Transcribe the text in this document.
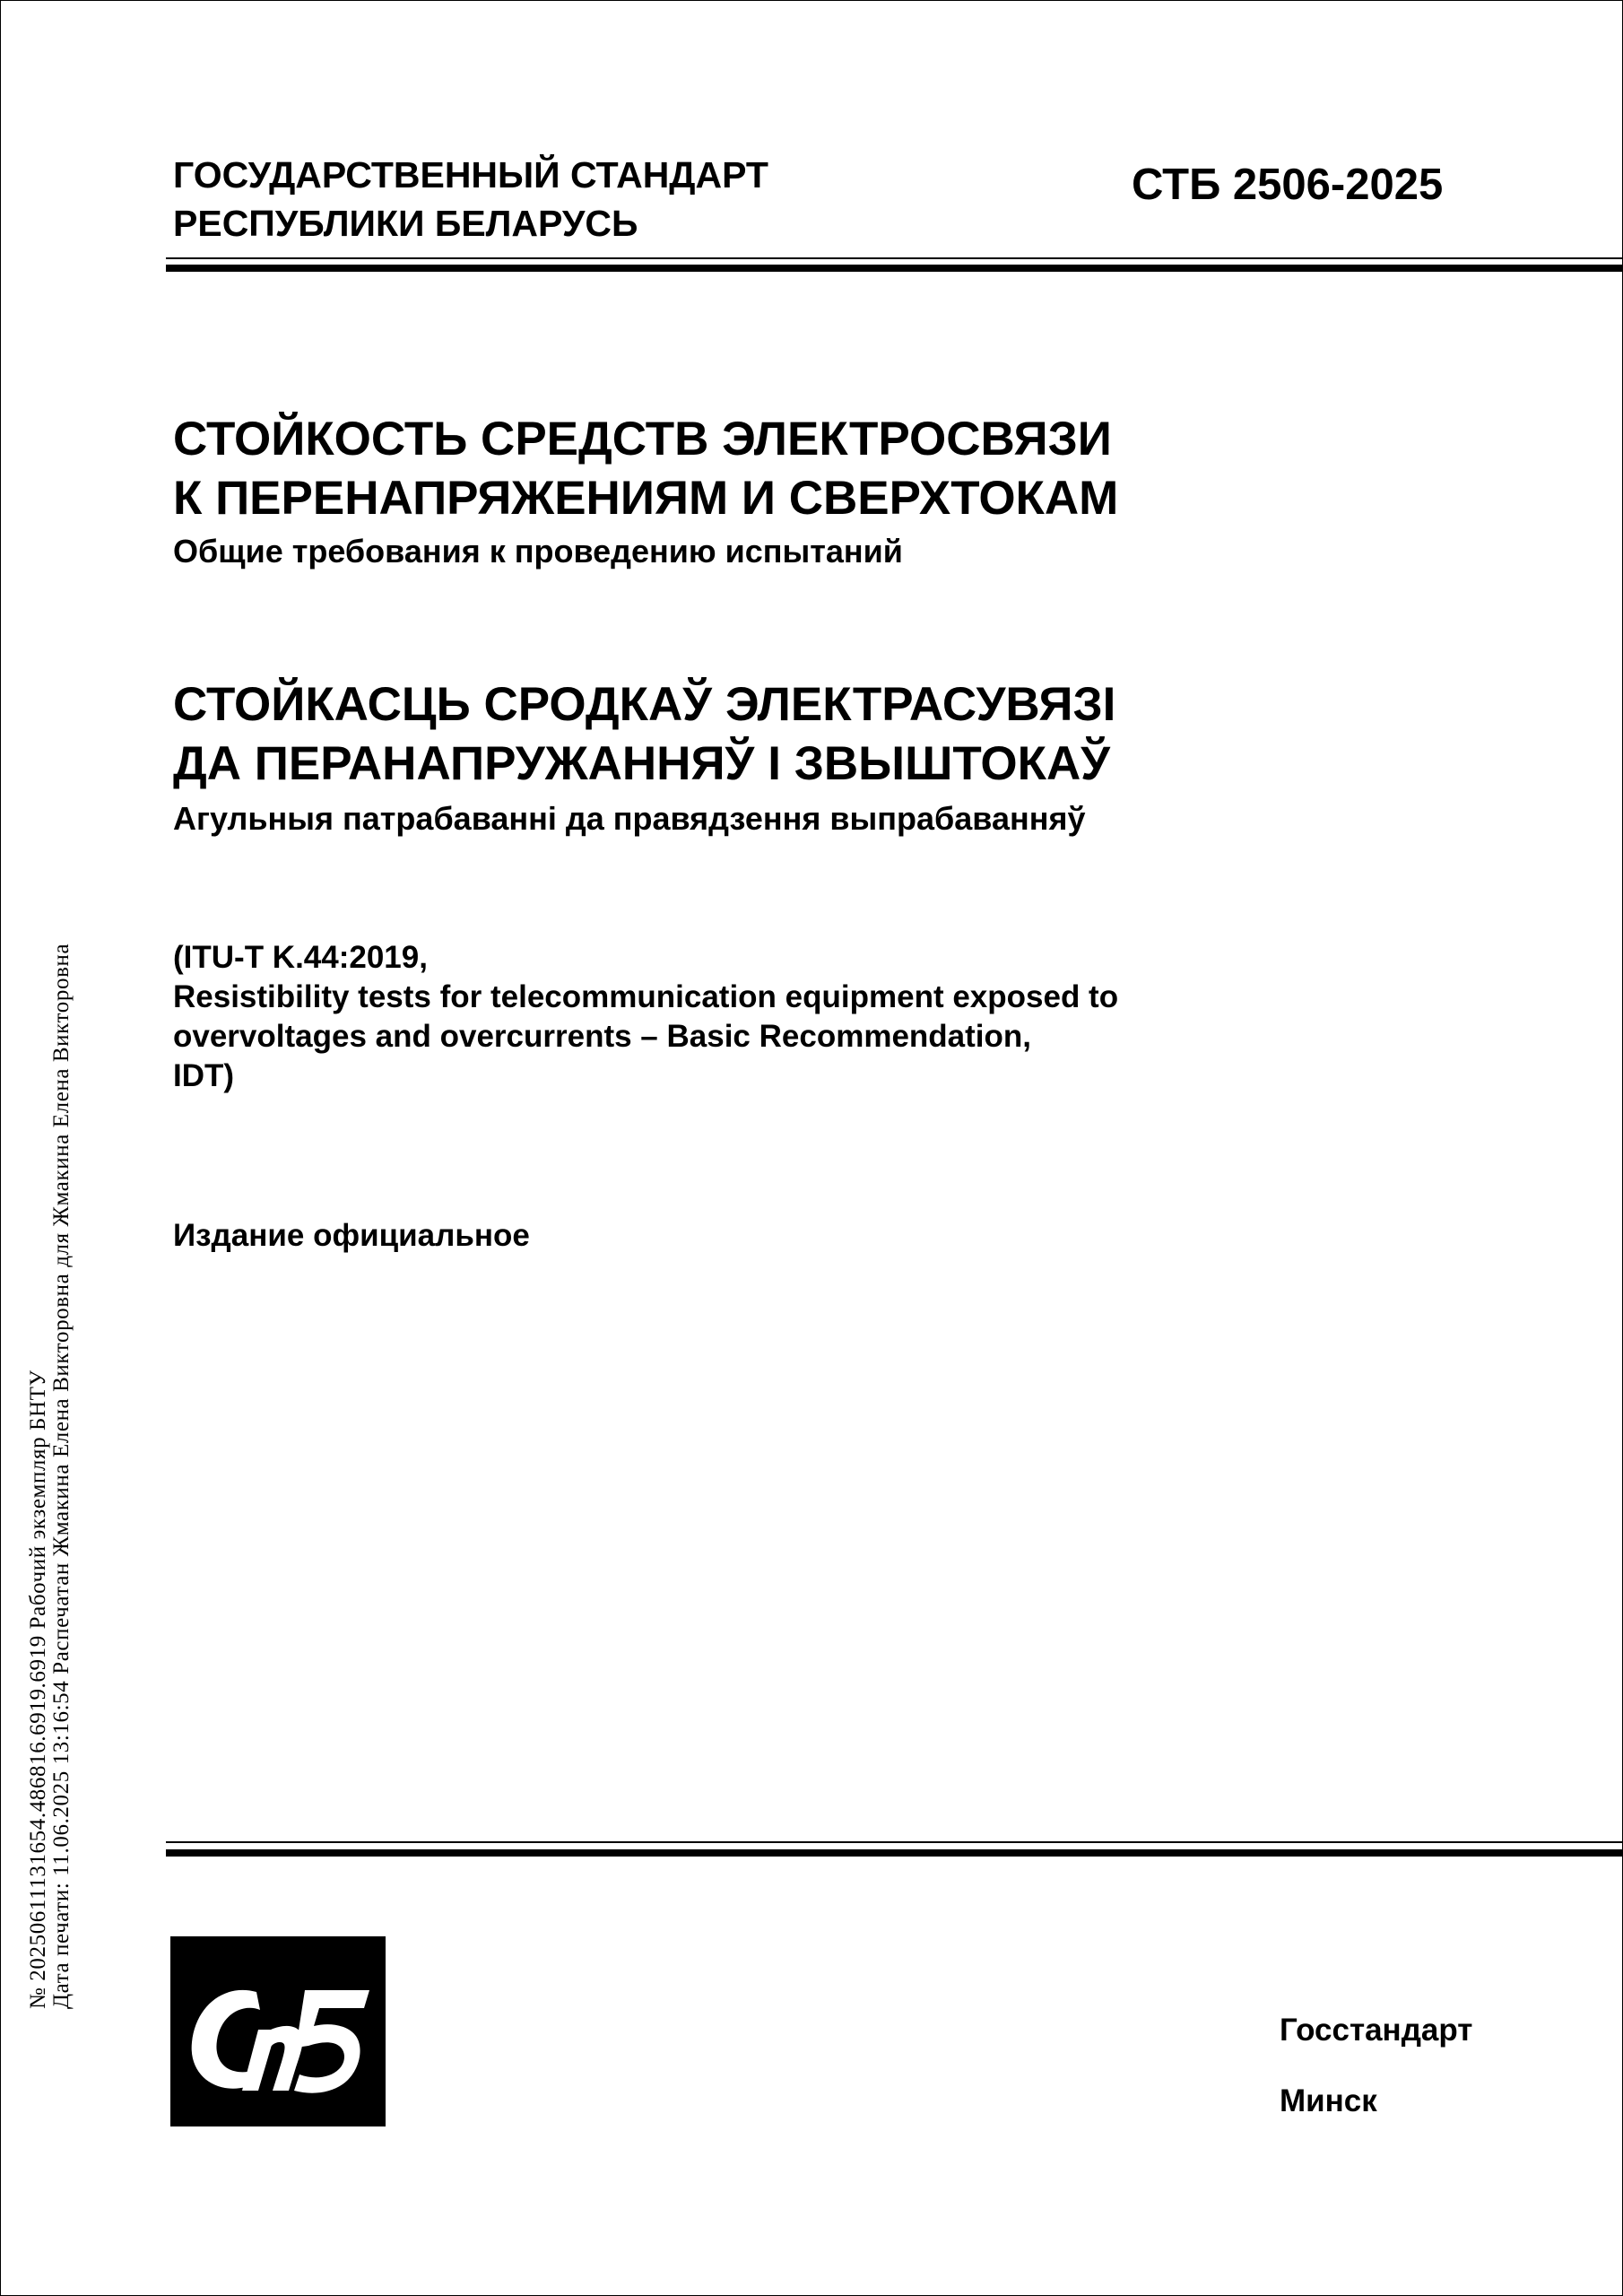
№ 20250611131654.486816.6919.6919 Рабочий экземпляр БНТУ Дата печати: 11.06.2025 13:16:54 Распечатан Жмакина Елена Викторовна для Жмакина Елена Викторовна
ГОСУДАРСТВЕННЫЙ СТАНДАРТ
РЕСПУБЛИКИ БЕЛАРУСЬ
СТБ 2506-2025
СТОЙКОСТЬ СРЕДСТВ ЭЛЕКТРОСВЯЗИ
К ПЕРЕНАПРЯЖЕНИЯМ И СВЕРХТОКАМ
Общие требования к проведению испытаний
СТОЙКАСЦЬ СРОДКАЎ ЭЛЕКТРАСУВЯЗІ
ДА ПЕРАНАПРУЖАННЯЎ І ЗВЫШТОКАЎ
Агульныя патрабаванні да правядзення выпрабаванняў
(ITU-T K.44:2019,
Resistibility tests for telecommunication equipment exposed to
overvoltages and overcurrents – Basic Recommendation,
IDT)
Издание официальное
Госстандарт
Минск
